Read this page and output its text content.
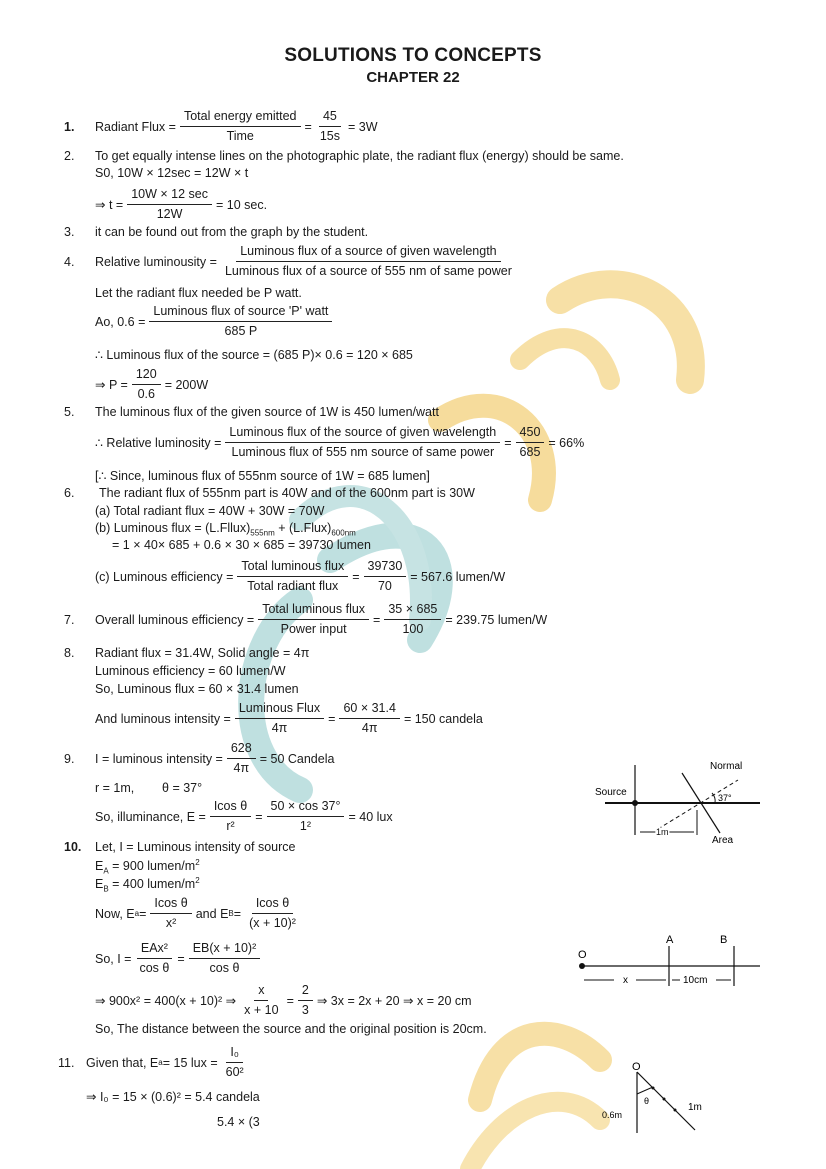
SOLUTIONS TO CONCEPTS
CHAPTER 22
1.	Radiant Flux = $\frac{\text{Total energy emitted}}{\text{Time}} = \frac{45}{15s} = 3W$
2. To get equally intense lines on the photographic plate, the radiant flux (energy) should be same.
S0, 10W × 12sec = 12W × t
⇒ $t = \frac{10W \times 12 \sec}{12W} = 10$ sec.
3. it can be found out from the graph by the student.
4.	Relative luminousity = $\frac{\text{Luminous flux of a source of given wavelength}}{\text{Luminous flux of a source of 555 nm of same power}}$
Let the radiant flux needed be P watt.
Ao, $0.6 = \frac{\text{Luminous flux of source 'P' watt}}{685 P}$
∴ Luminous flux of the source = (685 P)× 0.6 = 120 × 685
⇒ $P = \frac{120}{0.6} = 200W$
5. The luminous flux of the given source of 1W is 450 lumen/watt
∴ Relative luminosity = $\frac{\text{Luminous flux of the source of given wavelength}}{\text{Luminous flux of 555 nm source of same power}} = \frac{450}{685} = 66\%$
[∴ Since, luminous flux of 555nm source of 1W = 685 lumen]
6. The radiant flux of 555nm part is 40W and of the 600nm part is 30W
(a) Total radiant flux = 40W + 30W = 70W
(b) Luminous flux = $(L.Fllux)_{555nm}$ + $(L.Flux)_{600nm}$
= 1 × 40× 685 + 0.6 × 30 × 685 = 39730 lumen
(c) Luminous efficiency = $\frac{\text{Total luminous flux}}{\text{Total radiant flux}} = \frac{39730}{70} = 567.6$ lumen/W
7.	Overall luminous efficiency = $\frac{\text{Total luminous flux}}{\text{Power input}} = \frac{35 \times 685}{100} = 239.75$ lumen/W
8. Radiant flux = 31.4W, Solid angle = 4π
Luminous efficiency = 60 lumen/W
So, Luminous flux = 60 × 31.4 lumen
And luminous intensity = $\frac{\text{Luminous Flux}}{4\pi} = \frac{60 \times 31.4}{4\pi} = 150$ candela
9.	I = luminous intensity = $\frac{628}{4\pi} = 50$ Candela
r = 1m,        θ = 37°
So, illuminance, $E = \frac{\text{Icos θ}}{\text{r²}} = \frac{50 \times \cos 37^\circ}{\text{1²}} = 40$ lux
Source
Normal
37°
1m
Area
10. Let, I = Luminous intensity of source
$E_A = 900$ lumen/$m^2$
$E_B = 400$ lumen/$m^2$
Now, E $a = \frac{\text{Icos θ}}{\text{x²}}$ and E $B = \frac{\text{Icos θ}}{\text{(x + 10)²}}$
So, $I = \frac{\text{EAx²}}{\text{cos θ}} = \frac{\text{EB(x + 10)²}}{\text{cos θ}}$
⇒ 900x² = 400(x + 10)² ⇒ $\frac{x}{x + 10} = \frac{2}{3}$ ⇒ 3x = 2x + 20 ⇒ x = 20 cm
So, The distance between the source and the original position is 20cm.
O
A	B
x	10cm
11. Given that, E a = 15 lux = $\frac{\text{I₀}}{\text{60²}}$
⇒ I₀ = 15 × (0.6)² = 5.4 candela
5.4 × (3
O
θ
0.6m
1m
